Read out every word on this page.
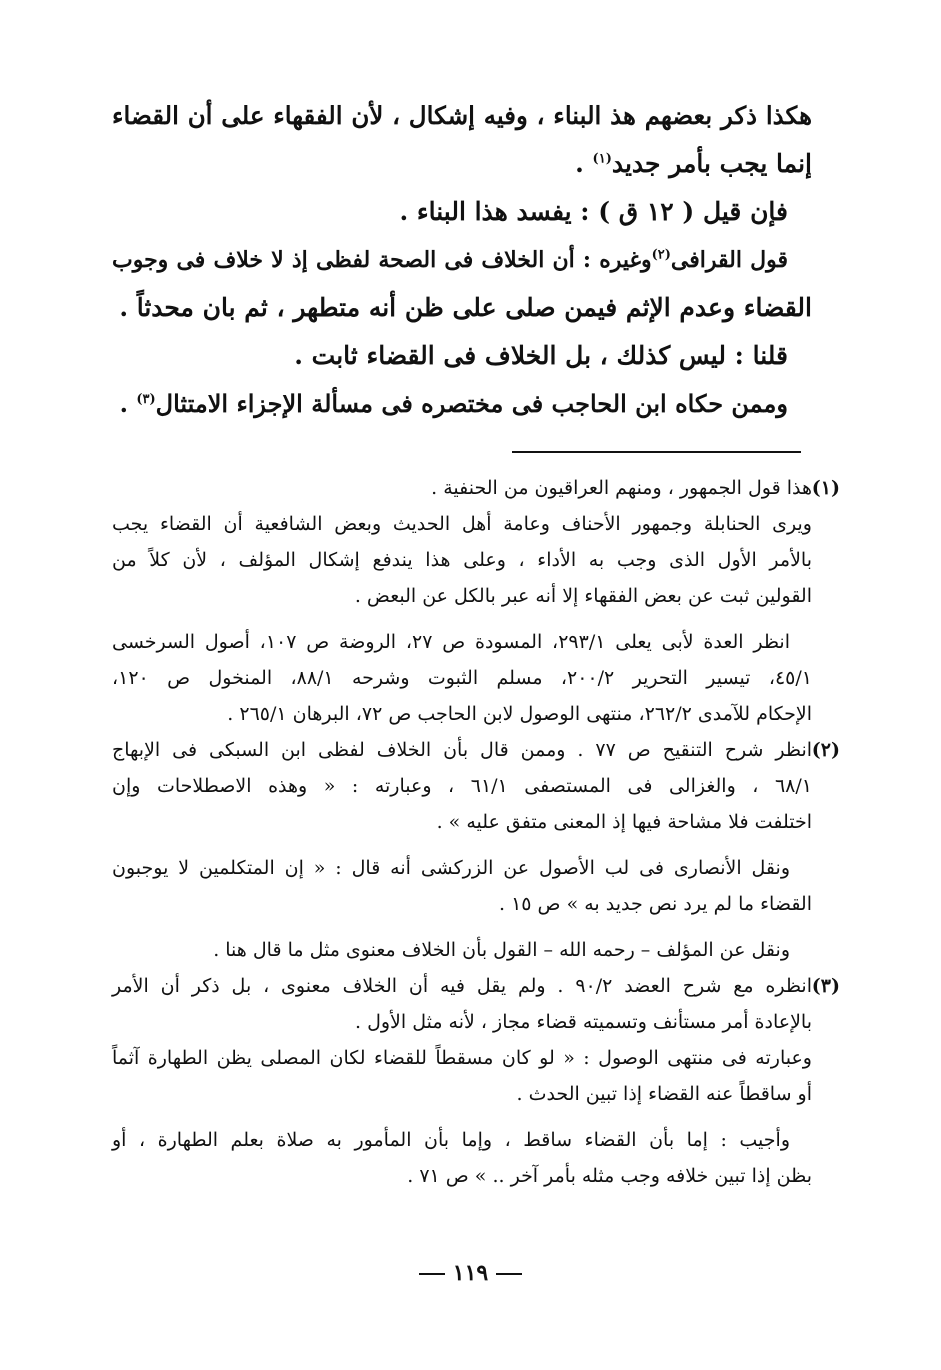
هكذا ذكر بعضهم هذ البناء ، وفيه إشكال ، لأن الفقهاء على أن القضاء
إنما يجب بأمر جديد$^{(١)}$ .
فإن قيل ( ١٢ ق ) : يفسد هذا البناء .
قول القرافى$^{(٢)}$وغيره : أن الخلاف فى الصحة لفظى إذ لا خلاف فى وجوب
القضاء وعدم الإثم فيمن صلى على ظن أنه متطهر ، ثم بان محدثاً .
قلنا : ليس كذلك ، بل الخلاف فى القضاء ثابت .
وممن حكاه ابن الحاجب فى مختصره فى مسألة الإجزاء الامتثال$^{(٣)}$ .
(١)
هذا قول الجمهور ، ومنهم العراقيون من الحنفية .
ويرى الحنابلة وجمهور الأحناف وعامة أهل الحديث وبعض الشافعية أن القضاء يجب
بالأمر الأول الذى وجب به الأداء ، وعلى هذا يندفع إشكال المؤلف ، لأن كلاً من
القولين ثبت عن بعض الفقهاء إلا أنه عبر بالكل عن البعض .
انظر العدة لأبى يعلى ٢٩٣/١، المسودة ص ٢٧، الروضة ص ١٠٧، أصول السرخسى
٤٥/١، تيسير التحرير ٢٠٠/٢، مسلم الثبوت وشرحه ٨٨/١، المنخول ص ١٢٠،
الإحكام للآمدى ٢٦٢/٢، منتهى الوصول لابن الحاجب ص ٧٢، البرهان ٢٦٥/١ .
(٢)
انظر شرح التنقيح ص ٧٧ . وممن قال بأن الخلاف لفظى ابن السبكى فى الإبهاج
٦٨/١ ، والغزالى فى المستصفى ٦١/١ ، وعبارته : « وهذه الاصطلاحات وإن
اختلفت فلا مشاحة فيها إذ المعنى متفق عليه » .
ونقل الأنصارى فى لب الأصول عن الزركشى أنه قال : « إن المتكلمين لا يوجبون
القضاء ما لم يرد نص جديد به » ص ١٥ .
ونقل عن المؤلف – رحمه الله – القول بأن الخلاف معنوى مثل ما قال هنا .
(٣)
انظره مع شرح العضد ٩٠/٢ . ولم يقل فيه أن الخلاف معنوى ، بل ذكر أن الأمر
بالإعادة أمر مستأنف وتسميته قضاء مجاز ، لأنه مثل الأول .
وعبارته فى منتهى الوصول : « لو كان مسقطاً للقضاء لكان المصلى يظن الطهارة آثماً
أو ساقطاً عنه القضاء إذا تبين الحدث .
وأجيب : إما بأن القضاء ساقط ، وإما بأن المأمور به صلاة بعلم الطهارة ، أو
بظن إذا تبين خلافه وجب مثله بأمر آخر .. » ص ٧١ .
١١٩
